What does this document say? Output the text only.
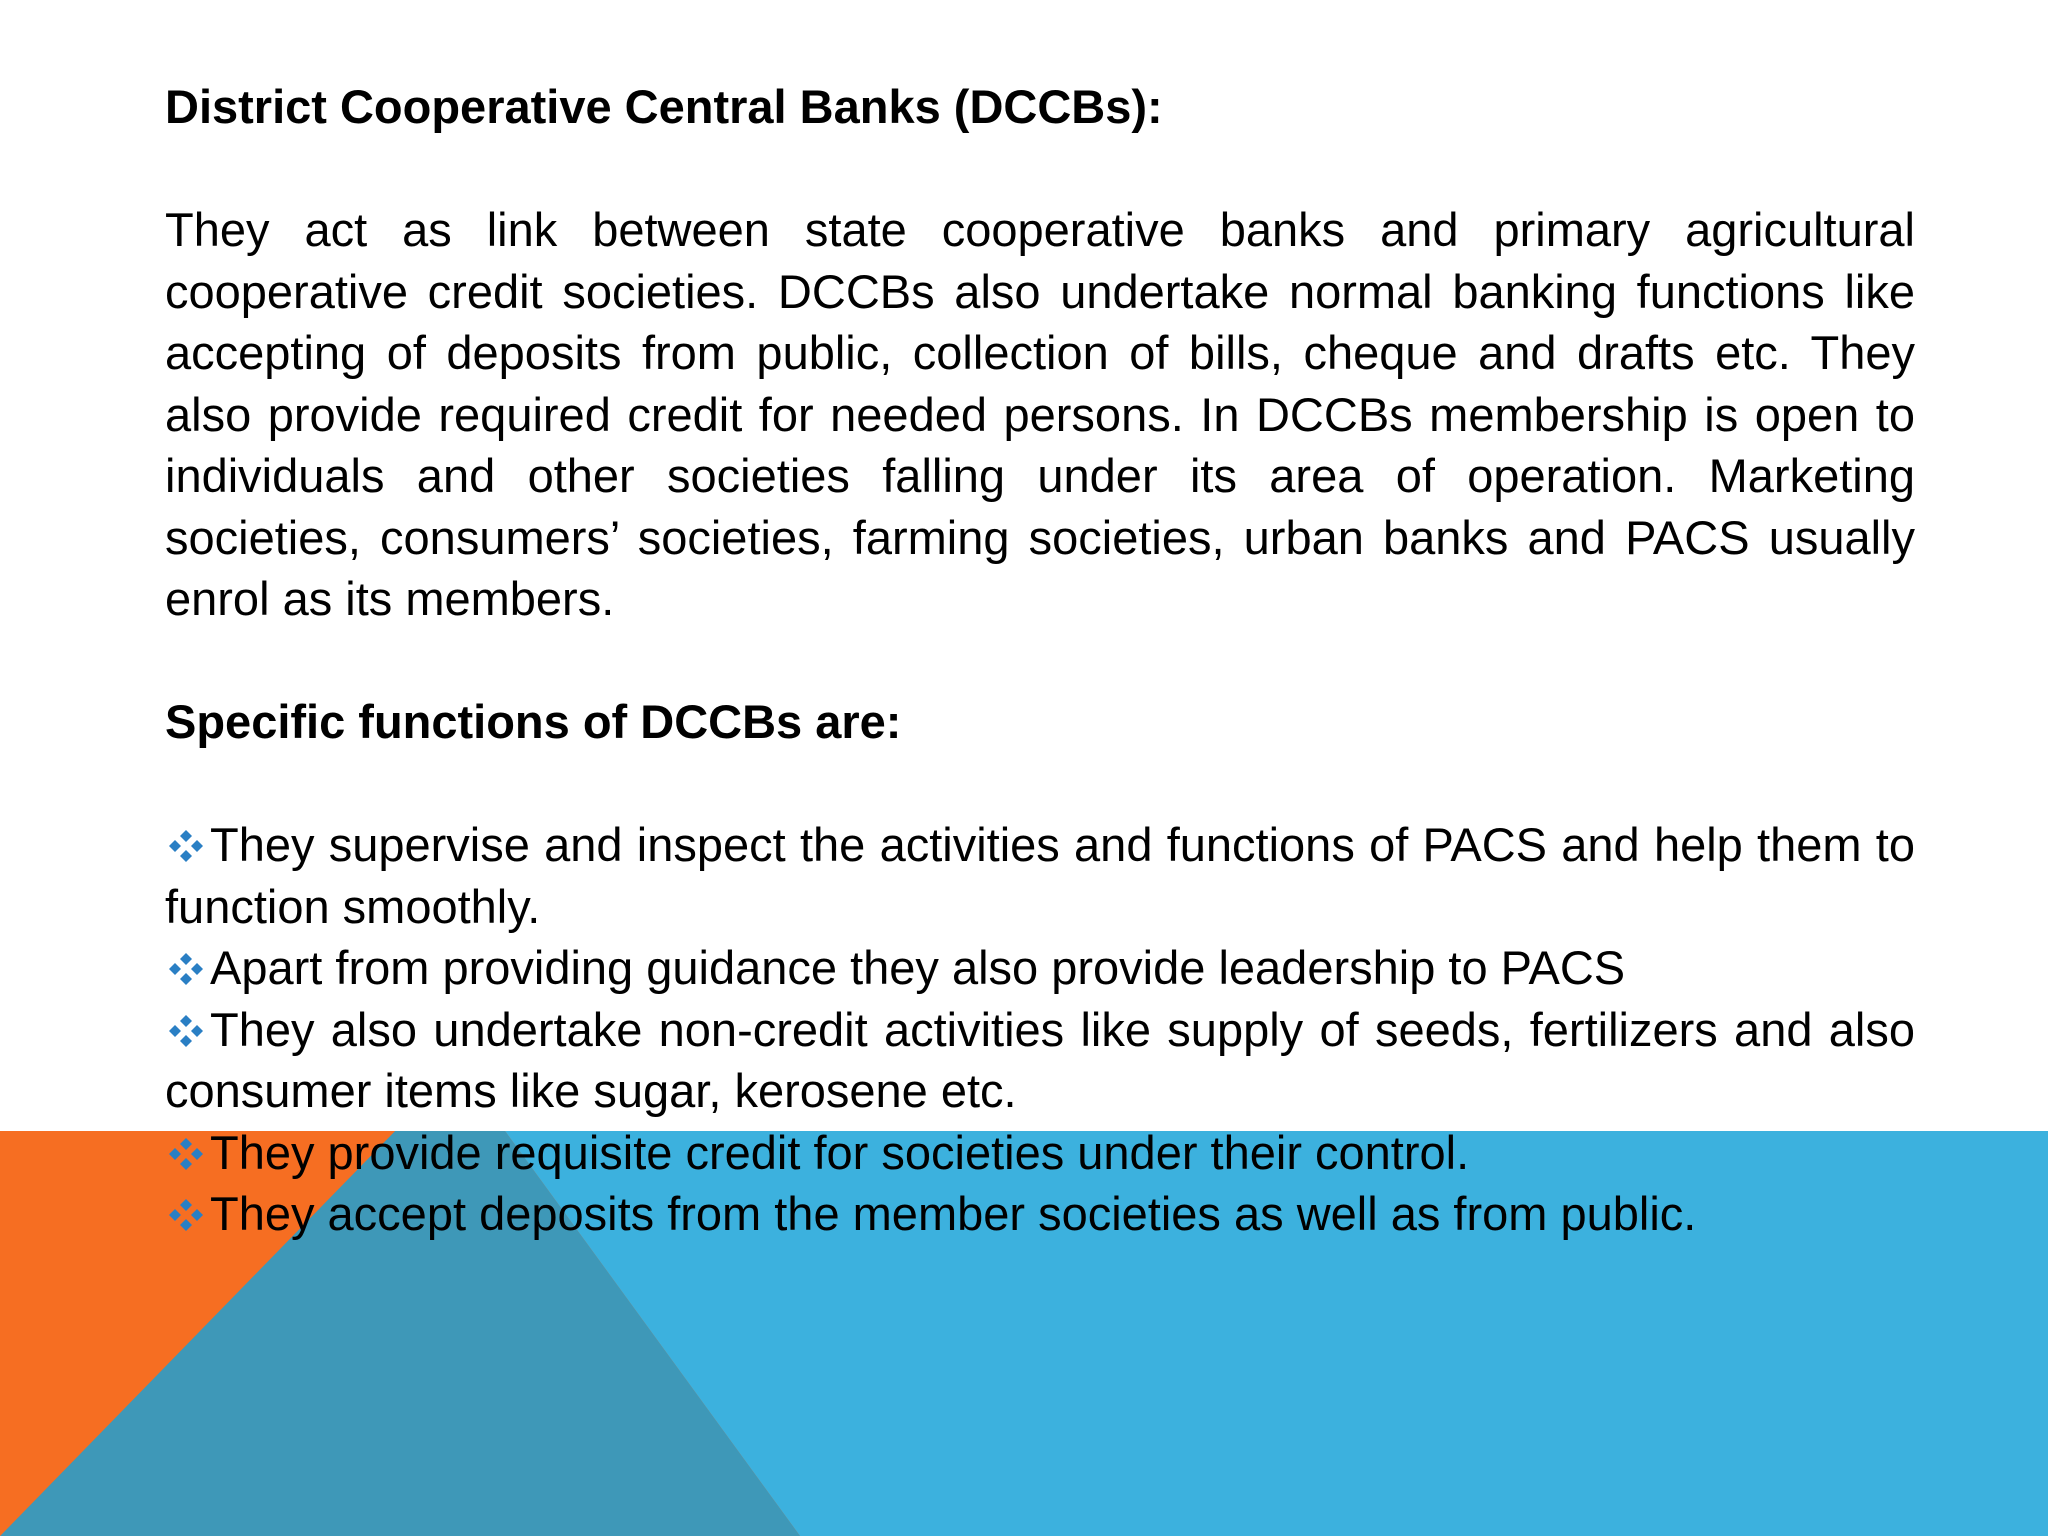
District Cooperative Central Banks (DCCBs):

They act as link between state cooperative banks and primary agricultural cooperative credit societies. DCCBs also undertake normal banking functions like accepting of deposits from public, collection of bills, cheque and drafts etc. They also provide required credit for needed persons. In DCCBs membership is open to individuals and other societies falling under its area of operation. Marketing societies, consumers’ societies, farming societies, urban banks and PACS usually enrol as its members.

Specific functions of DCCBs are:

They supervise and inspect the activities and functions of PACS and help them to function smoothly.
Apart from providing guidance they also provide leadership to PACS
They also undertake non-credit activities like supply of seeds, fertilizers and also consumer items like sugar, kerosene etc.
They provide requisite credit for societies under their control.
They accept deposits from the member societies as well as from public.
